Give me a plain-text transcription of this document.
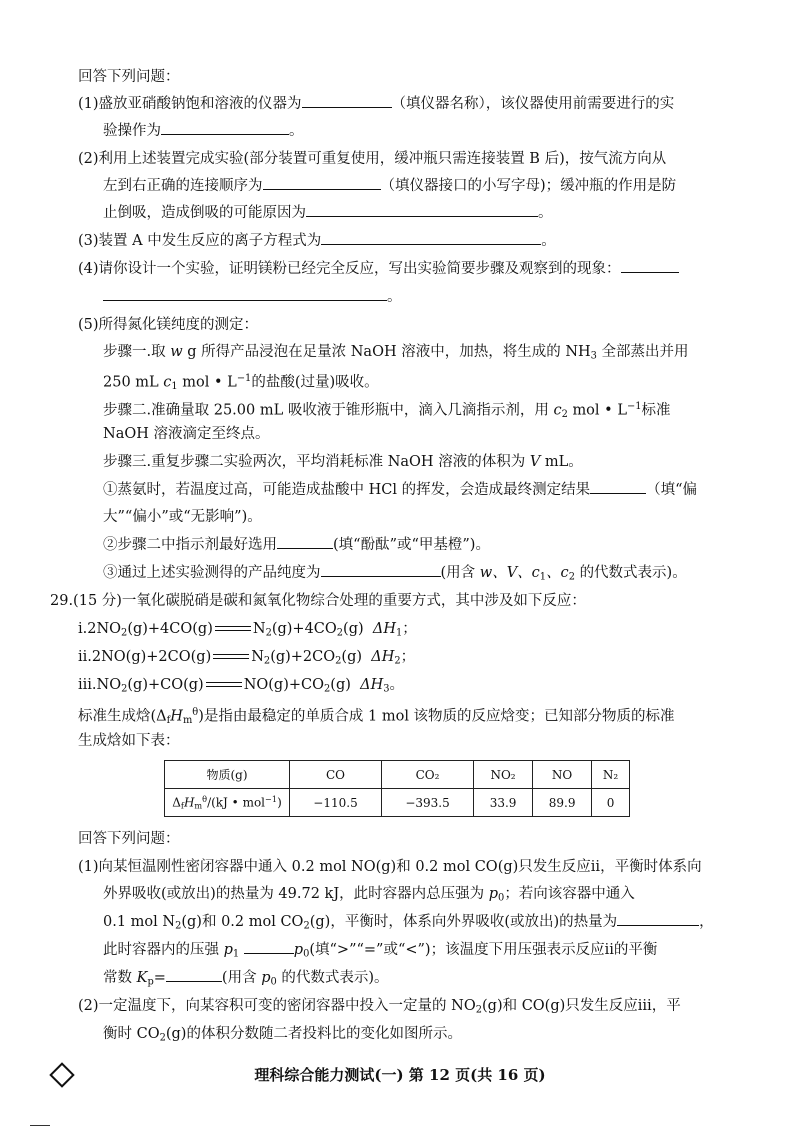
回答下列问题：
(1)盛放亚硝酸钠饱和溶液的仪器为	（填仪器名称），该仪器使用前需要进行的实
验操作为	。
(2)利用上述装置完成实验(部分装置可重复使用，缓冲瓶只需连接装置 B 后)，按气流方向从
左到右正确的连接顺序为	（填仪器接口的小写字母)；缓冲瓶的作用是防
止倒吸，造成倒吸的可能原因为	。
(3)装置 A 中发生反应的离子方程式为	。
(4)请你设计一个实验，证明镁粉已经完全反应，写出实验简要步骤及观察到的现象：
。
(5)所得氮化镁纯度的测定：
步骤一.取 w g 所得产品浸泡在足量浓 NaOH 溶液中，加热，将生成的 $NH_3$ 全部蒸出并用
250 mL $c_1$ mol • $L^{-1}$的盐酸(过量)吸收。
步骤二.准确量取 25.00 mL 吸收液于锥形瓶中，滴入几滴指示剂，用 $c_2$ mol • $L^{-1}$标准
NaOH 溶液滴定至终点。
步骤三.重复步骤二实验两次，平均消耗标准 NaOH 溶液的体积为 V mL。
①蒸氨时，若温度过高，可能造成盐酸中 HCl 的挥发，会造成最终测定结果	（填“偏
大”“偏小”或“无影响”)。
②步骤二中指示剂最好选用	(填“酚酞”或“甲基橙”)。
③通过上述实验测得的产品纯度为	(用含 w、V、$c_1$、$c_2$ 的代数式表示)。
29.(15 分)一氧化碳脱硝是碳和氮氧化物综合处理的重要方式，其中涉及如下反应：
$ⅰ.2NO_2(g)+4CO(g)$	$N_2(g)+4CO_2(g)$ $\Delta H_1$；
ⅱ.2NO(g)+2CO(g)	$N_2(g)+2CO_2(g)$ $\Delta H_2$；
$ⅲ.NO_2(g)+CO(g)$	$NO(g)+CO_2(g)$ $\Delta H_3$。
标准生成焓$(\Delta_fH_m^\theta)$是指由最稳定的单质合成 1 mol 该物质的反应焓变；已知部分物质的标准
生成焓如下表：
物质(g)	CO	CO₂	NO₂	NO	N₂
$\Delta_fH_m^\theta/(kJ$ • mol$^{-1}$)	−110.5	−393.5	33.9	89.9	0
回答下列问题：
(1)向某恒温刚性密闭容器中通入 0.2 mol NO(g)和 0.2 mol CO(g)只发生反应ⅱ，平衡时体系向
外界吸收(或放出)的热量为 49.72 kJ，此时容器内总压强为 $p_0$；若向该容器中通入
0.1 mol $N_2(g)$和 0.2 mol $CO_2(g)$，平衡时，体系向外界吸收(或放出)的热量为	，
此时容器内的压强 $p_1$	$p_0$(填“>”“=”或“<”)；该温度下用压强表示反应ⅱ的平衡
常数 $K_p=$	(用含 $p_0$ 的代数式表示)。
(2)一定温度下，向某容积可变的密闭容器中投入一定量的 $NO_2(g)$和 CO(g)只发生反应ⅲ，平
衡时 $CO_2(g)$的体积分数随二者投料比的变化如图所示。
理科综合能力测试(一) 第 12 页(共 16 页)
